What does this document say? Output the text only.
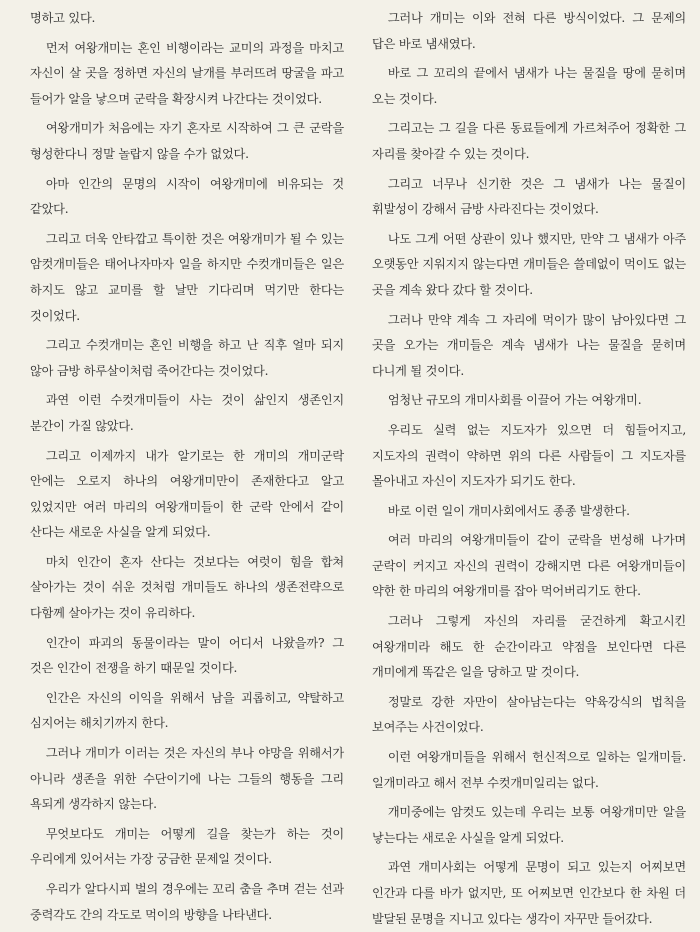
명하고 있다.

먼저 여왕개미는 혼인 비행이라는 교미의 과정을 마치고 자신이 살 곳을 정하면 자신의 날개를 부러뜨려 땅굴을 파고 들어가 알을 낳으며 군락을 확장시켜 나간다는 것이었다.

여왕개미가 처음에는 자기 혼자로 시작하여 그 큰 군락을 형성한다니 정말 놀랍지 않을 수가 없었다.

아마 인간의 문명의 시작이 여왕개미에 비유되는 것 같았다.

그리고 더욱 안타깝고 특이한 것은 여왕개미가 될 수 있는 암컷개미들은 태어나자마자 일을 하지만 수컷개미들은 일은 하지도 않고 교미를 할 날만 기다리며 먹기만 한다는 것이었다.

그리고 수컷개미는 혼인 비행을 하고 난 직후 얼마 되지 않아 금방 하루살이처럼 죽어간다는 것이었다.

과연 이런 수컷개미들이 사는 것이 삶인지 생존인지 분간이 가질 않았다.

그리고 이제까지 내가 알기로는 한 개미의 개미군락 안에는 오로지 하나의 여왕개미만이 존재한다고 알고 있었지만 여러 마리의 여왕개미들이 한 군락 안에서 같이 산다는 새로운 사실을 알게 되었다.

마치 인간이 혼자 산다는 것보다는 여럿이 힘을 합쳐 살아가는 것이 쉬운 것처럼 개미들도 하나의 생존전략으로 다함께 살아가는 것이 유리하다.

인간이 파괴의 동물이라는 말이 어디서 나왔을까? 그 것은 인간이 전쟁을 하기 때문일 것이다.

인간은 자신의 이익을 위해서 남을 괴롭히고, 약탈하고 심지어는 해치기까지 한다.

그러나 개미가 이러는 것은 자신의 부나 야망을 위해서가 아니라 생존을 위한 수단이기에 나는 그들의 행동을 그리 욕되게 생각하지 않는다.

무엇보다도 개미는 어떻게 길을 찾는가 하는 것이 우리에게 있어서는 가장 궁금한 문제일 것이다.

우리가 알다시피 벌의 경우에는 꼬리 춤을 추며 걷는 선과 중력각도 간의 각도로 먹이의 방향을 나타낸다.

그러나 개미는 이와 전혀 다른 방식이었다. 그 문제의 답은 바로 냄새였다.

바로 그 꼬리의 끝에서 냄새가 나는 물질을 땅에 묻히며 오는 것이다.

그리고는 그 길을 다른 동료들에게 가르쳐주어 정확한 그 자리를 찾아갈 수 있는 것이다.

그리고 너무나 신기한 것은 그 냄새가 나는 물질이 휘발성이 강해서 금방 사라진다는 것이었다.

나도 그게 어떤 상관이 있나 했지만, 만약 그 냄새가 아주 오랫동안 지워지지 않는다면 개미들은 쓸데없이 먹이도 없는 곳을 계속 왔다 갔다 할 것이다.

그러나 만약 계속 그 자리에 먹이가 많이 남아있다면 그 곳을 오가는 개미들은 계속 냄새가 나는 물질을 묻히며 다니게 될 것이다.

엄청난 규모의 개미사회를 이끌어 가는 여왕개미.

우리도 실력 없는 지도자가 있으면 더 힘들어지고, 지도자의 권력이 약하면 위의 다른 사람들이 그 지도자를 몰아내고 자신이 지도자가 되기도 한다.

바로 이런 일이 개미사회에서도 종종 발생한다.

여러 마리의 여왕개미들이 같이 군락을 번성해 나가며 군락이 커지고 자신의 권력이 강해지면 다른 여왕개미들이 약한 한 마리의 여왕개미를 잡아 먹어버리기도 한다.

그러나 그렇게 자신의 자리를 굳건하게 확고시킨 여왕개미라 해도 한 순간이라고 약점을 보인다면 다른 개미에게 똑같은 일을 당하고 말 것이다.

정말로 강한 자만이 살아남는다는 약육강식의 법칙을 보여주는 사건이었다.

이런 여왕개미들을 위해서 헌신적으로 일하는 일개미들. 일개미라고 해서 전부 수컷개미일리는 없다.

개미중에는 암컷도 있는데 우리는 보통 여왕개미만 알을 낳는다는 새로운 사실을 알게 되었다.

과연 개미사회는 어떻게 문명이 되고 있는지 어찌보면 인간과 다를 바가 없지만, 또 어찌보면 인간보다 한 차원 더 발달된 문명을 지니고 있다는 생각이 자꾸만 들어갔다.
